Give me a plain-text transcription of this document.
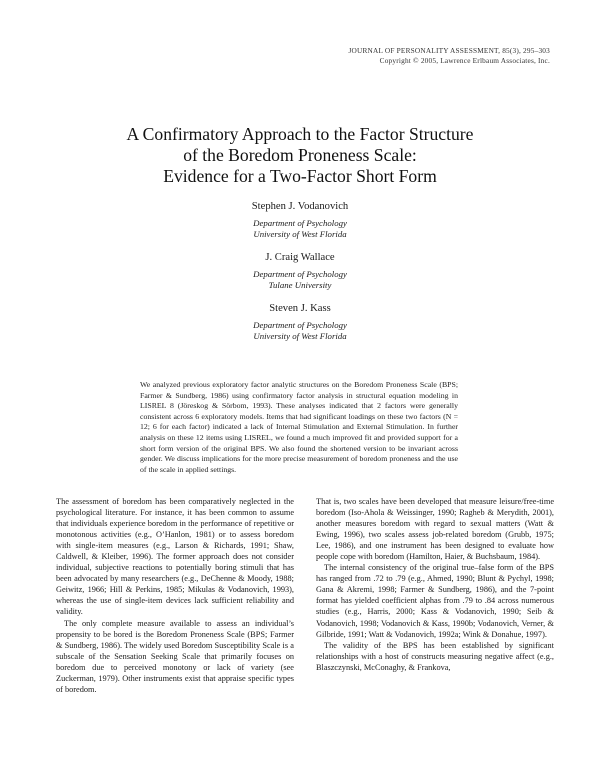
JOURNAL OF PERSONALITY ASSESSMENT, 85(3), 295–303
Copyright © 2005, Lawrence Erlbaum Associates, Inc.
A Confirmatory Approach to the Factor Structure
of the Boredom Proneness Scale:
Evidence for a Two-Factor Short Form
Stephen J. Vodanovich
Department of Psychology
University of West Florida
J. Craig Wallace
Department of Psychology
Tulane University
Steven J. Kass
Department of Psychology
University of West Florida
We analyzed previous exploratory factor analytic structures on the Boredom Proneness Scale (BPS; Farmer & Sundberg, 1986) using confirmatory factor analysis in structural equation modeling in LISREL 8 (Jöreskog & Sörbom, 1993). These analyses indicated that 2 factors were generally consistent across 6 exploratory models. Items that had significant loadings on these two factors (N = 12; 6 for each factor) indicated a lack of Internal Stimulation and External Stimulation. In further analysis on these 12 items using LISREL, we found a much improved fit and provided support for a short form version of the original BPS. We also found the shortened version to be invariant across gender. We discuss implications for the more precise measurement of boredom proneness and the use of the scale in applied settings.

The assessment of boredom has been comparatively neglected in the psychological literature. For instance, it has been common to assume that individuals experience boredom in the performance of repetitive or monotonous activities (e.g., O’Hanlon, 1981) or to assess boredom with single-item measures (e.g., Larson & Richards, 1991; Shaw, Caldwell, & Kleiber, 1996). The former approach does not consider individual, subjective reactions to potentially boring stimuli that has been advocated by many researchers (e.g., DeChenne & Moody, 1988; Geiwitz, 1966; Hill & Perkins, 1985; Mikulas & Vodanovich, 1993), whereas the use of single-item devices lack sufficient reliability and validity.

The only complete measure available to assess an individual’s propensity to be bored is the Boredom Proneness Scale (BPS; Farmer & Sundberg, 1986). The widely used Boredom Susceptibility Scale is a subscale of the Sensation Seeking Scale that primarily focuses on boredom due to perceived monotony or lack of variety (see Zuckerman, 1979). Other instruments exist that appraise specific types of boredom.

That is, two scales have been developed that measure leisure/free-time boredom (Iso-Ahola & Weissinger, 1990; Ragheb & Merydith, 2001), another measures boredom with regard to sexual matters (Watt & Ewing, 1996), two scales assess job-related boredom (Grubb, 1975; Lee, 1986), and one instrument has been designed to evaluate how people cope with boredom (Hamilton, Haier, & Buchsbaum, 1984).

The internal consistency of the original true–false form of the BPS has ranged from .72 to .79 (e.g., Ahmed, 1990; Blunt & Pychyl, 1998; Gana & Akremi, 1998; Farmer & Sundberg, 1986), and the 7-point format has yielded coefficient alphas from .79 to .84 across numerous studies (e.g., Harris, 2000; Kass & Vodanovich, 1990; Seib & Vodanovich, 1998; Vodanovich & Kass, 1990b; Vodanovich, Verner, & Gilbride, 1991; Watt & Vodanovich, 1992a; Wink & Donahue, 1997).

The validity of the BPS has been established by significant relationships with a host of constructs measuring negative affect (e.g., Blaszczynski, McConaghy, & Frankova,
